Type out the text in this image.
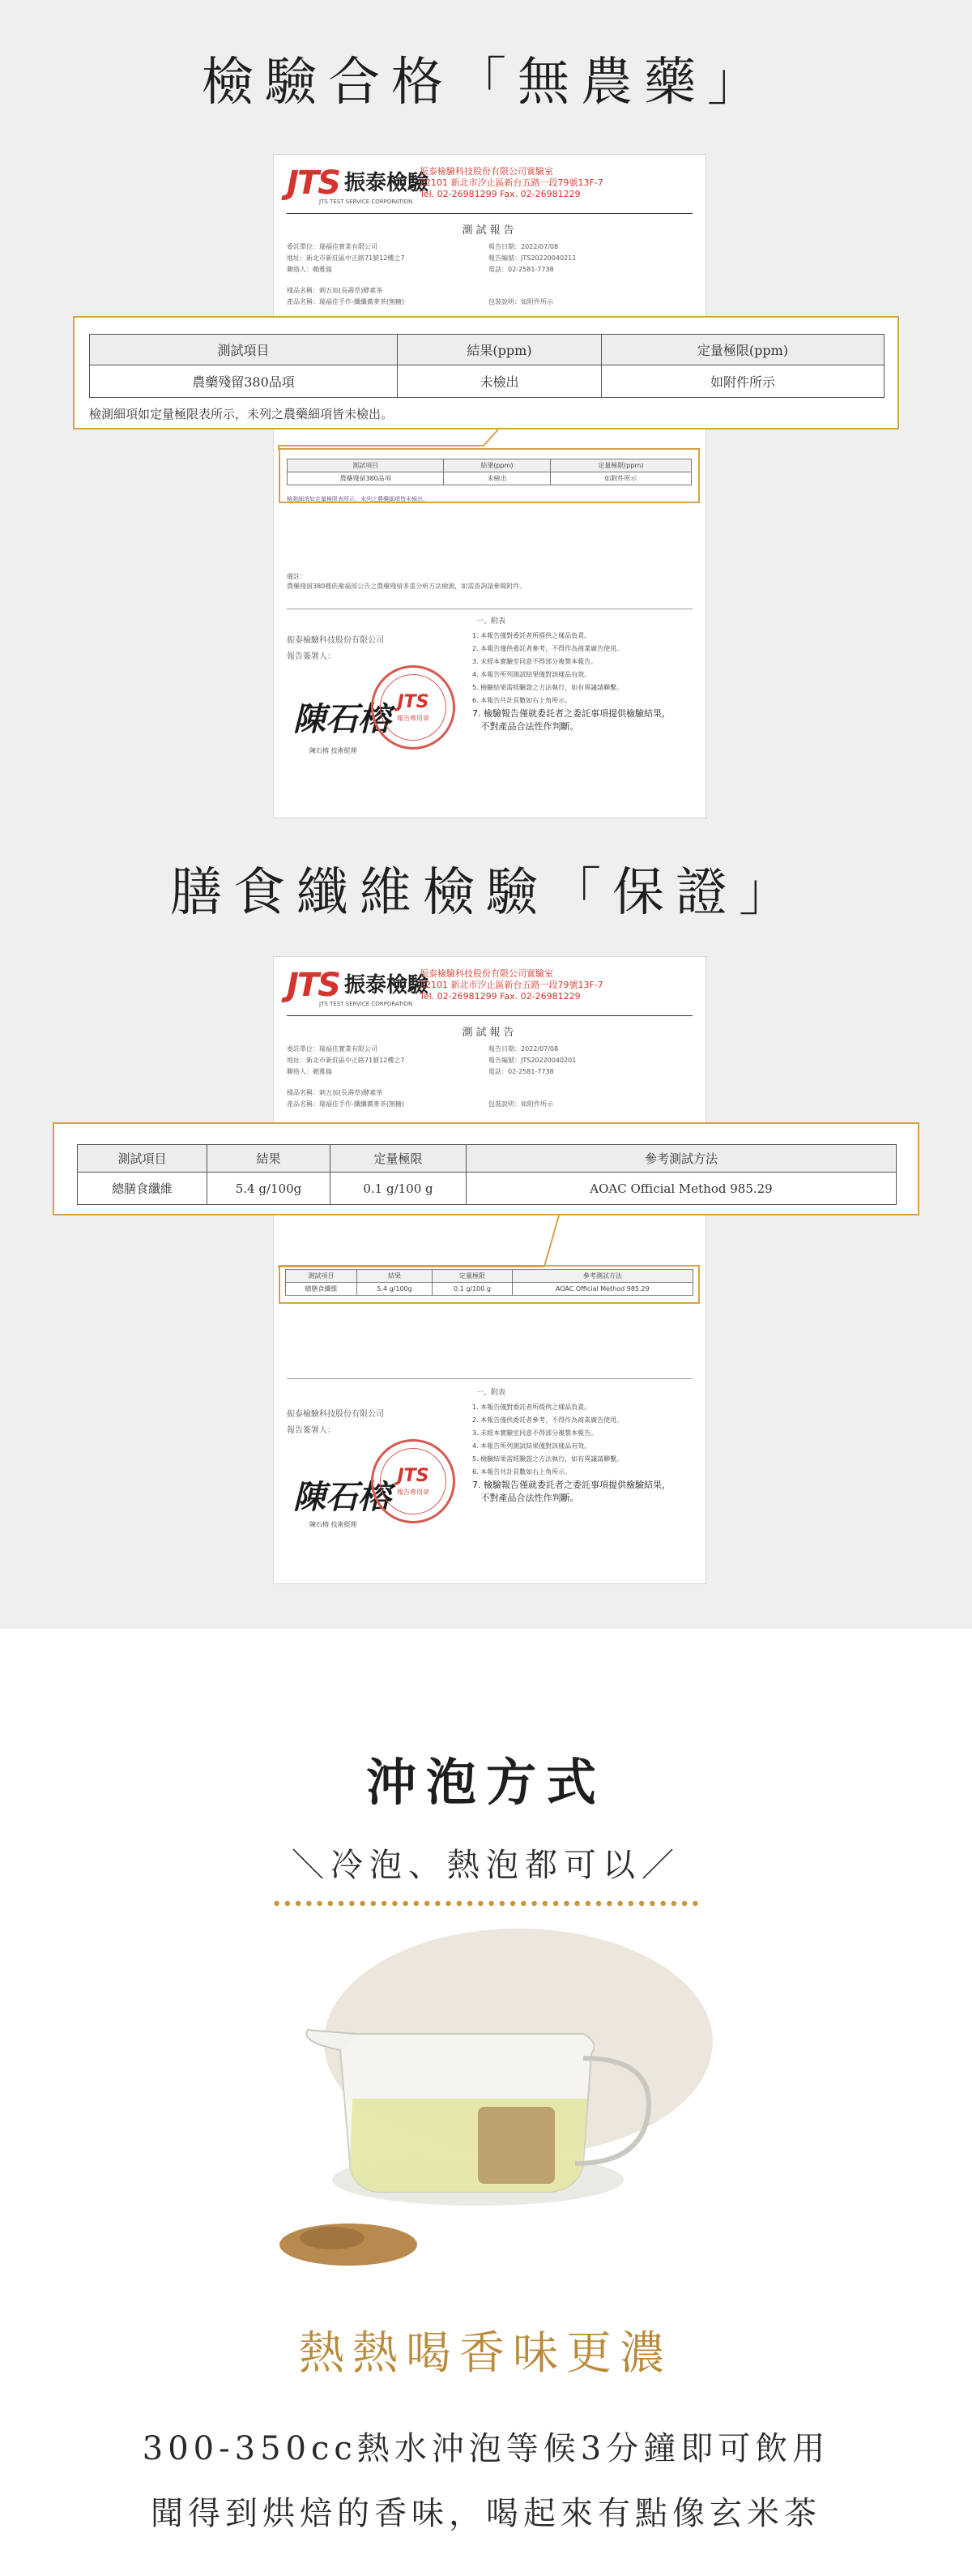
檢驗合格「無農藥」
JTS 振泰檢驗
JTS TEST SERVICE CORPORATION
振泰檢驗科技股份有限公司實驗室
22101 新北市汐止區新台五路一段79號13F-7
Tel. 02-26981299 Fax. 02-26981229
測試報告
委託單位：瑞福佳實業有限公司
地址：新北市新莊區中正路71號12樓之7
聯絡人：賴雅倫
樣品名稱：刺五加(長壽草)酵素茶
產品名稱：瑞福佳手作-纖纖蕎麥茶(無糖)
報告日期：2022/07/08
報告編號：JTS20220040211
電話：02-2581-7738
包裝說明：如附件所示
測試項目	結果(ppm)	定量極限(ppm)
農藥殘留380品項	未檢出	如附件所示
檢測細項如定量極限表所示，未列之農藥細項皆未檢出。
備註：
農藥殘留380種依衛福部公告之農藥殘留多重分析方法檢測，如需查詢請參閱附件。
振泰檢驗科技股份有限公司
報告簽署人：
陳石榕
陳石榕 技術經理
JTS
報告專用章
一、附表
1. 本報告僅對委託者所提供之樣品負責。
2. 本報告僅供委託者參考，不得作為商業廣告使用。
3. 未經本實驗室同意不得部分複製本報告。
4. 本報告所列測試結果僅對該樣品有效。
5. 檢驗結果需經驗證之方法執行，如有異議請聯繫。
6. 本報告共計頁數如右上角所示。
7. 檢驗報告僅就委託者之委託事項提供檢驗結果，
不對產品合法性作判斷。
測試項目	結果(ppm)	定量極限(ppm)
農藥殘留380品項	未檢出	如附件所示
檢測細項如定量極限表所示，未列之農藥細項皆未檢出。
膳食纖維檢驗「保證」
JTS 振泰檢驗
JTS TEST SERVICE CORPORATION
振泰檢驗科技股份有限公司實驗室
22101 新北市汐止區新台五路一段79號13F-7
Tel. 02-26981299 Fax. 02-26981229
測試報告
委託單位：瑞福佳實業有限公司
地址：新北市新莊區中正路71號12樓之7
聯絡人：賴雅倫
樣品名稱：刺五加(長壽草)酵素茶
產品名稱：瑞福佳手作-纖纖蕎麥茶(無糖)
報告日期：2022/07/08
報告編號：JTS20220040201
電話：02-2581-7738
包裝說明：如附件所示
測試項目	結果	定量極限	參考測試方法
總膳食纖維	5.4 g/100g	0.1 g/100 g	AOAC Official Method 985.29
振泰檢驗科技股份有限公司
報告簽署人：
陳石榕
陳石榕 技術經理
JTS
報告專用章
一、附表
1. 本報告僅對委託者所提供之樣品負責。
2. 本報告僅供委託者參考，不得作為商業廣告使用。
3. 未經本實驗室同意不得部分複製本報告。
4. 本報告所列測試結果僅對該樣品有效。
5. 檢驗結果需經驗證之方法執行，如有異議請聯繫。
6. 本報告共計頁數如右上角所示。
7. 檢驗報告僅就委託者之委託事項提供檢驗結果，
不對產品合法性作判斷。
測試項目	結果	定量極限	參考測試方法
總膳食纖維	5.4 g/100g	0.1 g/100 g	AOAC Official Method 985.29
沖泡方式
＼冷泡、熱泡都可以／
熱熱喝香味更濃
300-350cc熱水沖泡等候3分鐘即可飲用
聞得到烘焙的香味，喝起來有點像玄米茶
